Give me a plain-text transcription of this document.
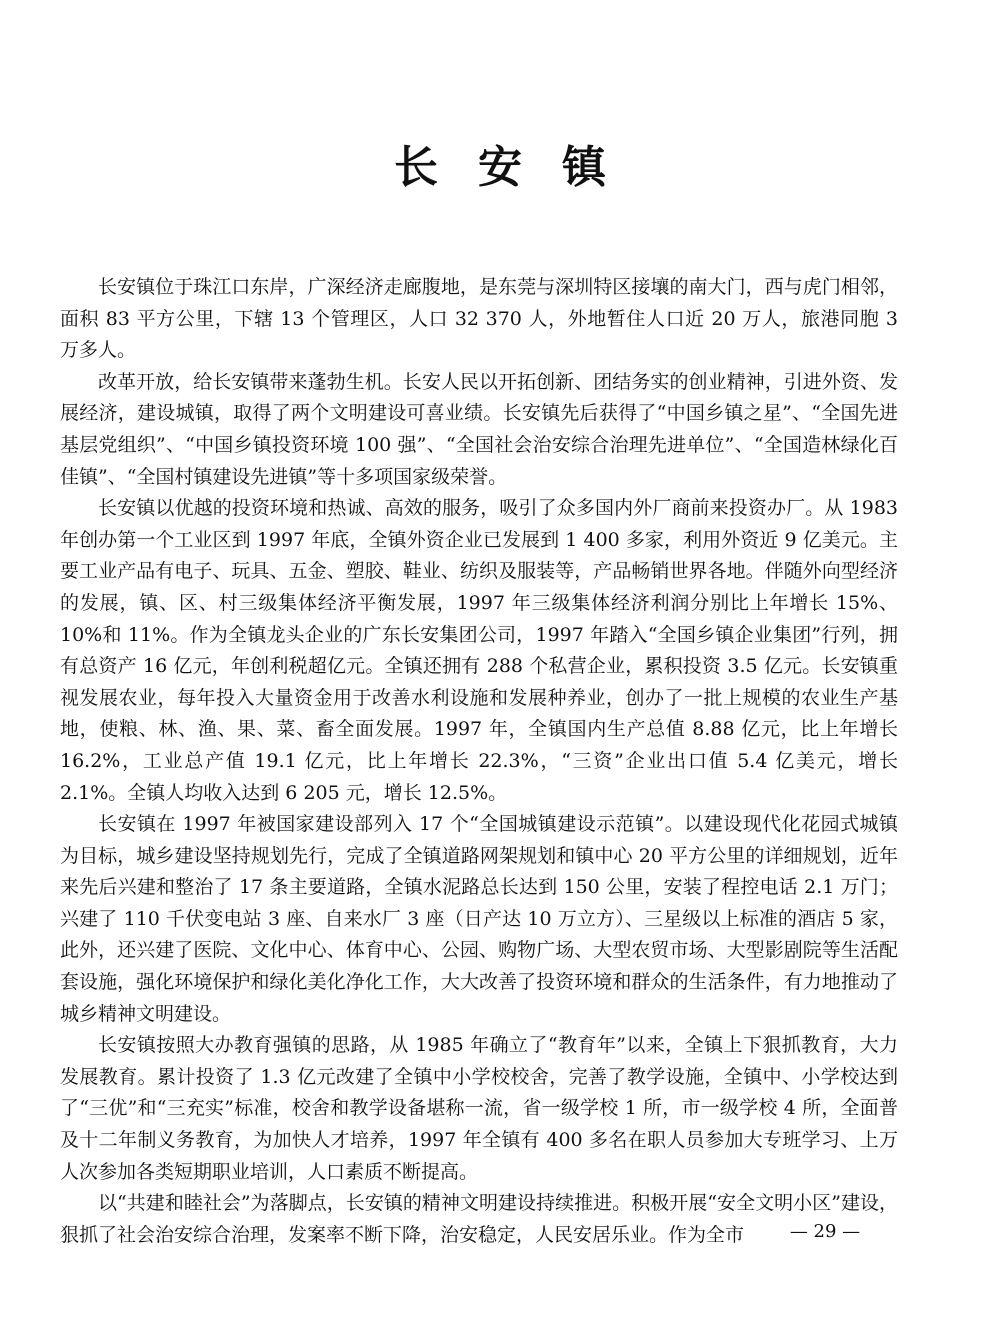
长安镇

长安镇位于珠江口东岸，广深经济走廊腹地，是东莞与深圳特区接壤的南大门，西与虎门相邻，面积 83 平方公里，下辖 13 个管理区，人口 32 370 人，外地暂住人口近 20 万人，旅港同胞 3 万多人。

改革开放，给长安镇带来蓬勃生机。长安人民以开拓创新、团结务实的创业精神，引进外资、发展经济，建设城镇，取得了两个文明建设可喜业绩。长安镇先后获得了“中国乡镇之星”、“全国先进基层党组织”、“中国乡镇投资环境 100 强”、“全国社会治安综合治理先进单位”、“全国造林绿化百佳镇”、“全国村镇建设先进镇”等十多项国家级荣誉。

长安镇以优越的投资环境和热诚、高效的服务，吸引了众多国内外厂商前来投资办厂。从 1983 年创办第一个工业区到 1997 年底，全镇外资企业已发展到 1 400 多家，利用外资近 9 亿美元。主要工业产品有电子、玩具、五金、塑胶、鞋业、纺织及服装等，产品畅销世界各地。伴随外向型经济的发展，镇、区、村三级集体经济平衡发展，1997 年三级集体经济利润分别比上年增长 15%、10%和 11%。作为全镇龙头企业的广东长安集团公司，1997 年踏入“全国乡镇企业集团”行列，拥有总资产 16 亿元，年创利税超亿元。全镇还拥有 288 个私营企业，累积投资 3.5 亿元。长安镇重视发展农业，每年投入大量资金用于改善水利设施和发展种养业，创办了一批上规模的农业生产基地，使粮、林、渔、果、菜、畜全面发展。1997 年，全镇国内生产总值 8.88 亿元，比上年增长 16.2%，工业总产值 19.1 亿元，比上年增长 22.3%，“三资”企业出口值 5.4 亿美元，增长 2.1%。全镇人均收入达到 6 205 元，增长 12.5%。

长安镇在 1997 年被国家建设部列入 17 个“全国城镇建设示范镇”。以建设现代化花园式城镇为目标，城乡建设坚持规划先行，完成了全镇道路网架规划和镇中心 20 平方公里的详细规划，近年来先后兴建和整治了 17 条主要道路，全镇水泥路总长达到 150 公里，安装了程控电话 2.1 万门；兴建了 110 千伏变电站 3 座、自来水厂 3 座（日产达 10 万立方）、三星级以上标准的酒店 5 家，此外，还兴建了医院、文化中心、体育中心、公园、购物广场、大型农贸市场、大型影剧院等生活配套设施，强化环境保护和绿化美化净化工作，大大改善了投资环境和群众的生活条件，有力地推动了城乡精神文明建设。

长安镇按照大办教育强镇的思路，从 1985 年确立了“教育年”以来，全镇上下狠抓教育，大力发展教育。累计投资了 1.3 亿元改建了全镇中小学校校舍，完善了教学设施，全镇中、小学校达到了“三优”和“三充实”标准，校舍和教学设备堪称一流，省一级学校 1 所，市一级学校 4 所，全面普及十二年制义务教育，为加快人才培养，1997 年全镇有 400 多名在职人员参加大专班学习、上万人次参加各类短期职业培训，人口素质不断提高。

以“共建和睦社会”为落脚点，长安镇的精神文明建设持续推进。积极开展“安全文明小区”建设，狠抓了社会治安综合治理，发案率不断下降，治安稳定，人民安居乐业。作为全市	— 29 —
